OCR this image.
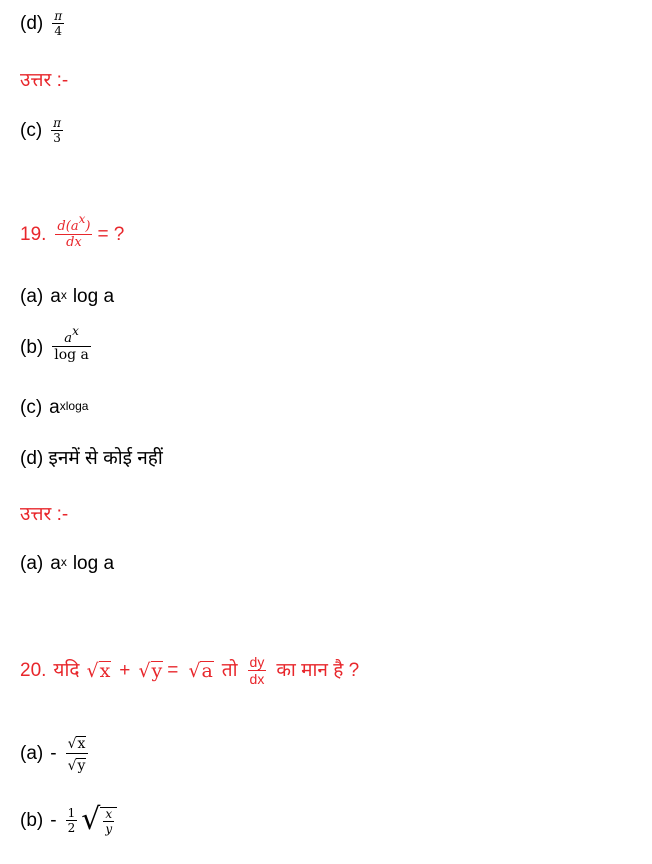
$(d) \frac{\pi}{4}$
उत्तर :-
$(c) \frac{\pi}{3}$
19. $\frac{d(a^x)}{dx}$ = ?
(a) $a^x$ log a
$(b) \frac{a^x}{\text{log a}}$
(c) $a^{xloga}$
(d) इनमें से कोई नहीं
उत्तर :-
(a) $a^x$ log a
20. यदि √ x + √ y = √ a तो $\frac{dy}{dx}$ का मान है ?
$(a) - \frac{√ x}{√ y}$
$(b) - \frac{1}{2}$ √ $\frac{x}{y}$
